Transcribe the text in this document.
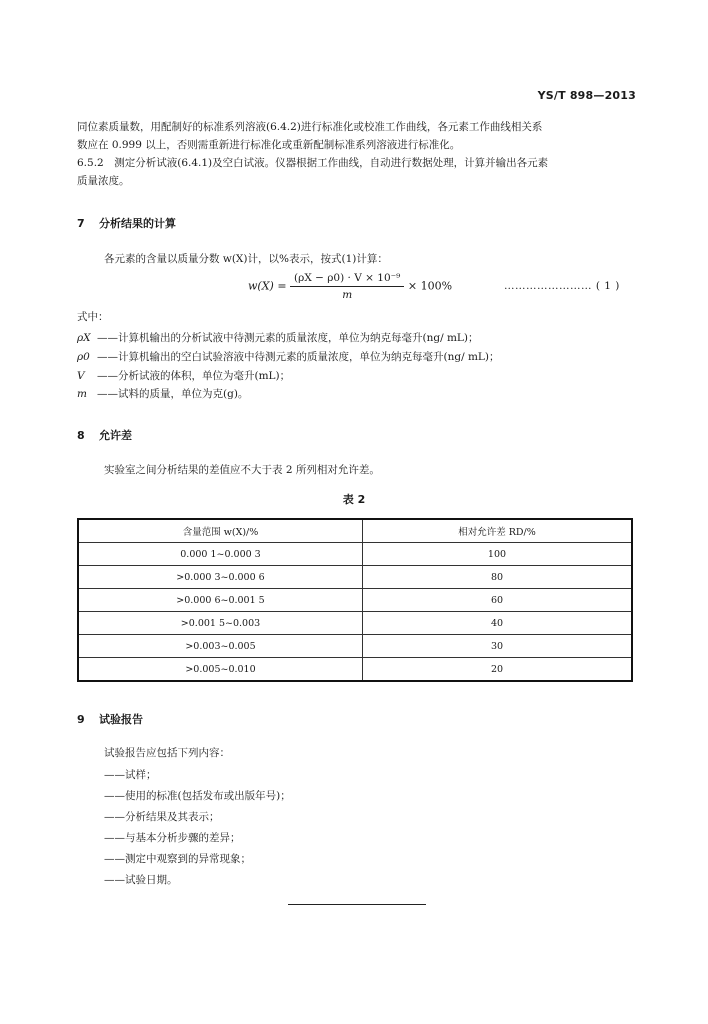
YS/T 898—2013
同位素质量数，用配制好的标准系列溶液(6.4.2)进行标准化或校准工作曲线，各元素工作曲线相关系
数应在 0.999 以上，否则需重新进行标准化或重新配制标准系列溶液进行标准化。
6.5.2　测定分析试液(6.4.1)及空白试液。仪器根据工作曲线，自动进行数据处理，计算并输出各元素
质量浓度。
7 分析结果的计算
各元素的含量以质量分数 w(X)计，以%表示，按式(1)计算：
$w(X) = \frac{\text{(ρX − ρ0) · V × 10⁻⁹}}{m} \times 100\%$	…………………… ( 1 )
式中：
ρX ——计算机输出的分析试液中待测元素的质量浓度，单位为纳克每毫升(ng/ mL)；
ρ0 ——计算机输出的空白试验溶液中待测元素的质量浓度，单位为纳克每毫升(ng/ mL)；
V ——分析试液的体积，单位为毫升(mL)；
m ——试料的质量，单位为克(g)。
8 允许差
实验室之间分析结果的差值应不大于表 2 所列相对允许差。
表 2
含量范围 w(X)/%	相对允许差 RD/%
0.000 1~0.000 3	100
>0.000 3~0.000 6	80
>0.000 6~0.001 5	60
>0.001 5~0.003	40
>0.003~0.005	30
>0.005~0.010	20
9 试验报告
试验报告应包括下列内容：
——试样；
——使用的标准(包括发布或出版年号)；
——分析结果及其表示；
——与基本分析步骤的差异；
——测定中观察到的异常现象；
——试验日期。
